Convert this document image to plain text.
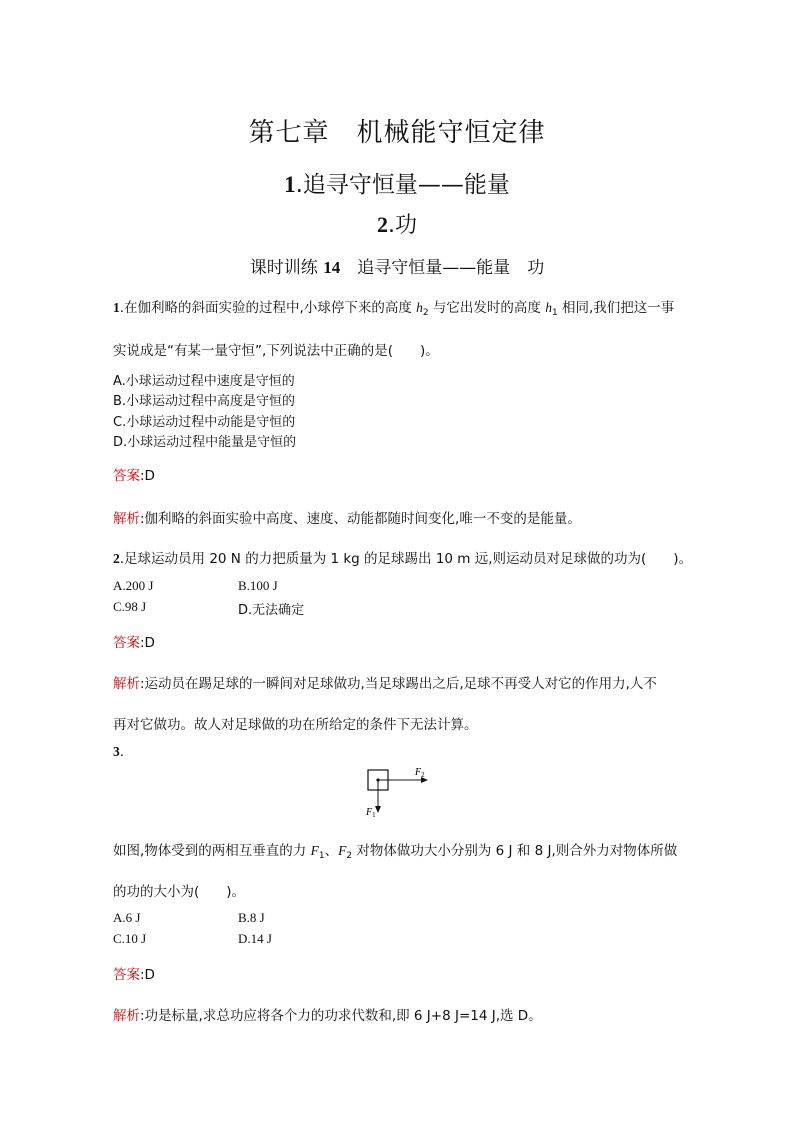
第七章　机械能守恒定律
1.追寻守恒量——能量
2.功
课时训练 14　追寻守恒量——能量　功
1.在伽利略的斜面实验的过程中,小球停下来的高度 $h_2$ 与它出发时的高度 $h_1$ 相同,我们把这一事
实说成是“有某一量守恒”,下列说法中正确的是(　　)。
A.小球运动过程中速度是守恒的
B.小球运动过程中高度是守恒的
C.小球运动过程中动能是守恒的
D.小球运动过程中能量是守恒的
答案:D
解析:伽利略的斜面实验中高度、速度、动能都随时间变化,唯一不变的是能量。
2.足球运动员用 20 N 的力把质量为 1 kg 的足球踢出 10 m 远,则运动员对足球做的功为(　　)。
A.200 J	B.100 J
C.98 J	D.无法确定
答案:D
解析:运动员在踢足球的一瞬间对足球做功,当足球踢出之后,足球不再受人对它的作用力,人不
再对它做功。故人对足球做的功在所给定的条件下无法计算。
3.
$F_2$
$F_1$
如图,物体受到的两相互垂直的力 $F_1$、$F_2$ 对物体做功大小分别为 6 J 和 8 J,则合外力对物体所做
的功的大小为(　　)。
A.6 J	B.8 J
C.10 J	D.14 J
答案:D
解析:功是标量,求总功应将各个力的功求代数和,即 6 J+8 J=14 J,选 D。
